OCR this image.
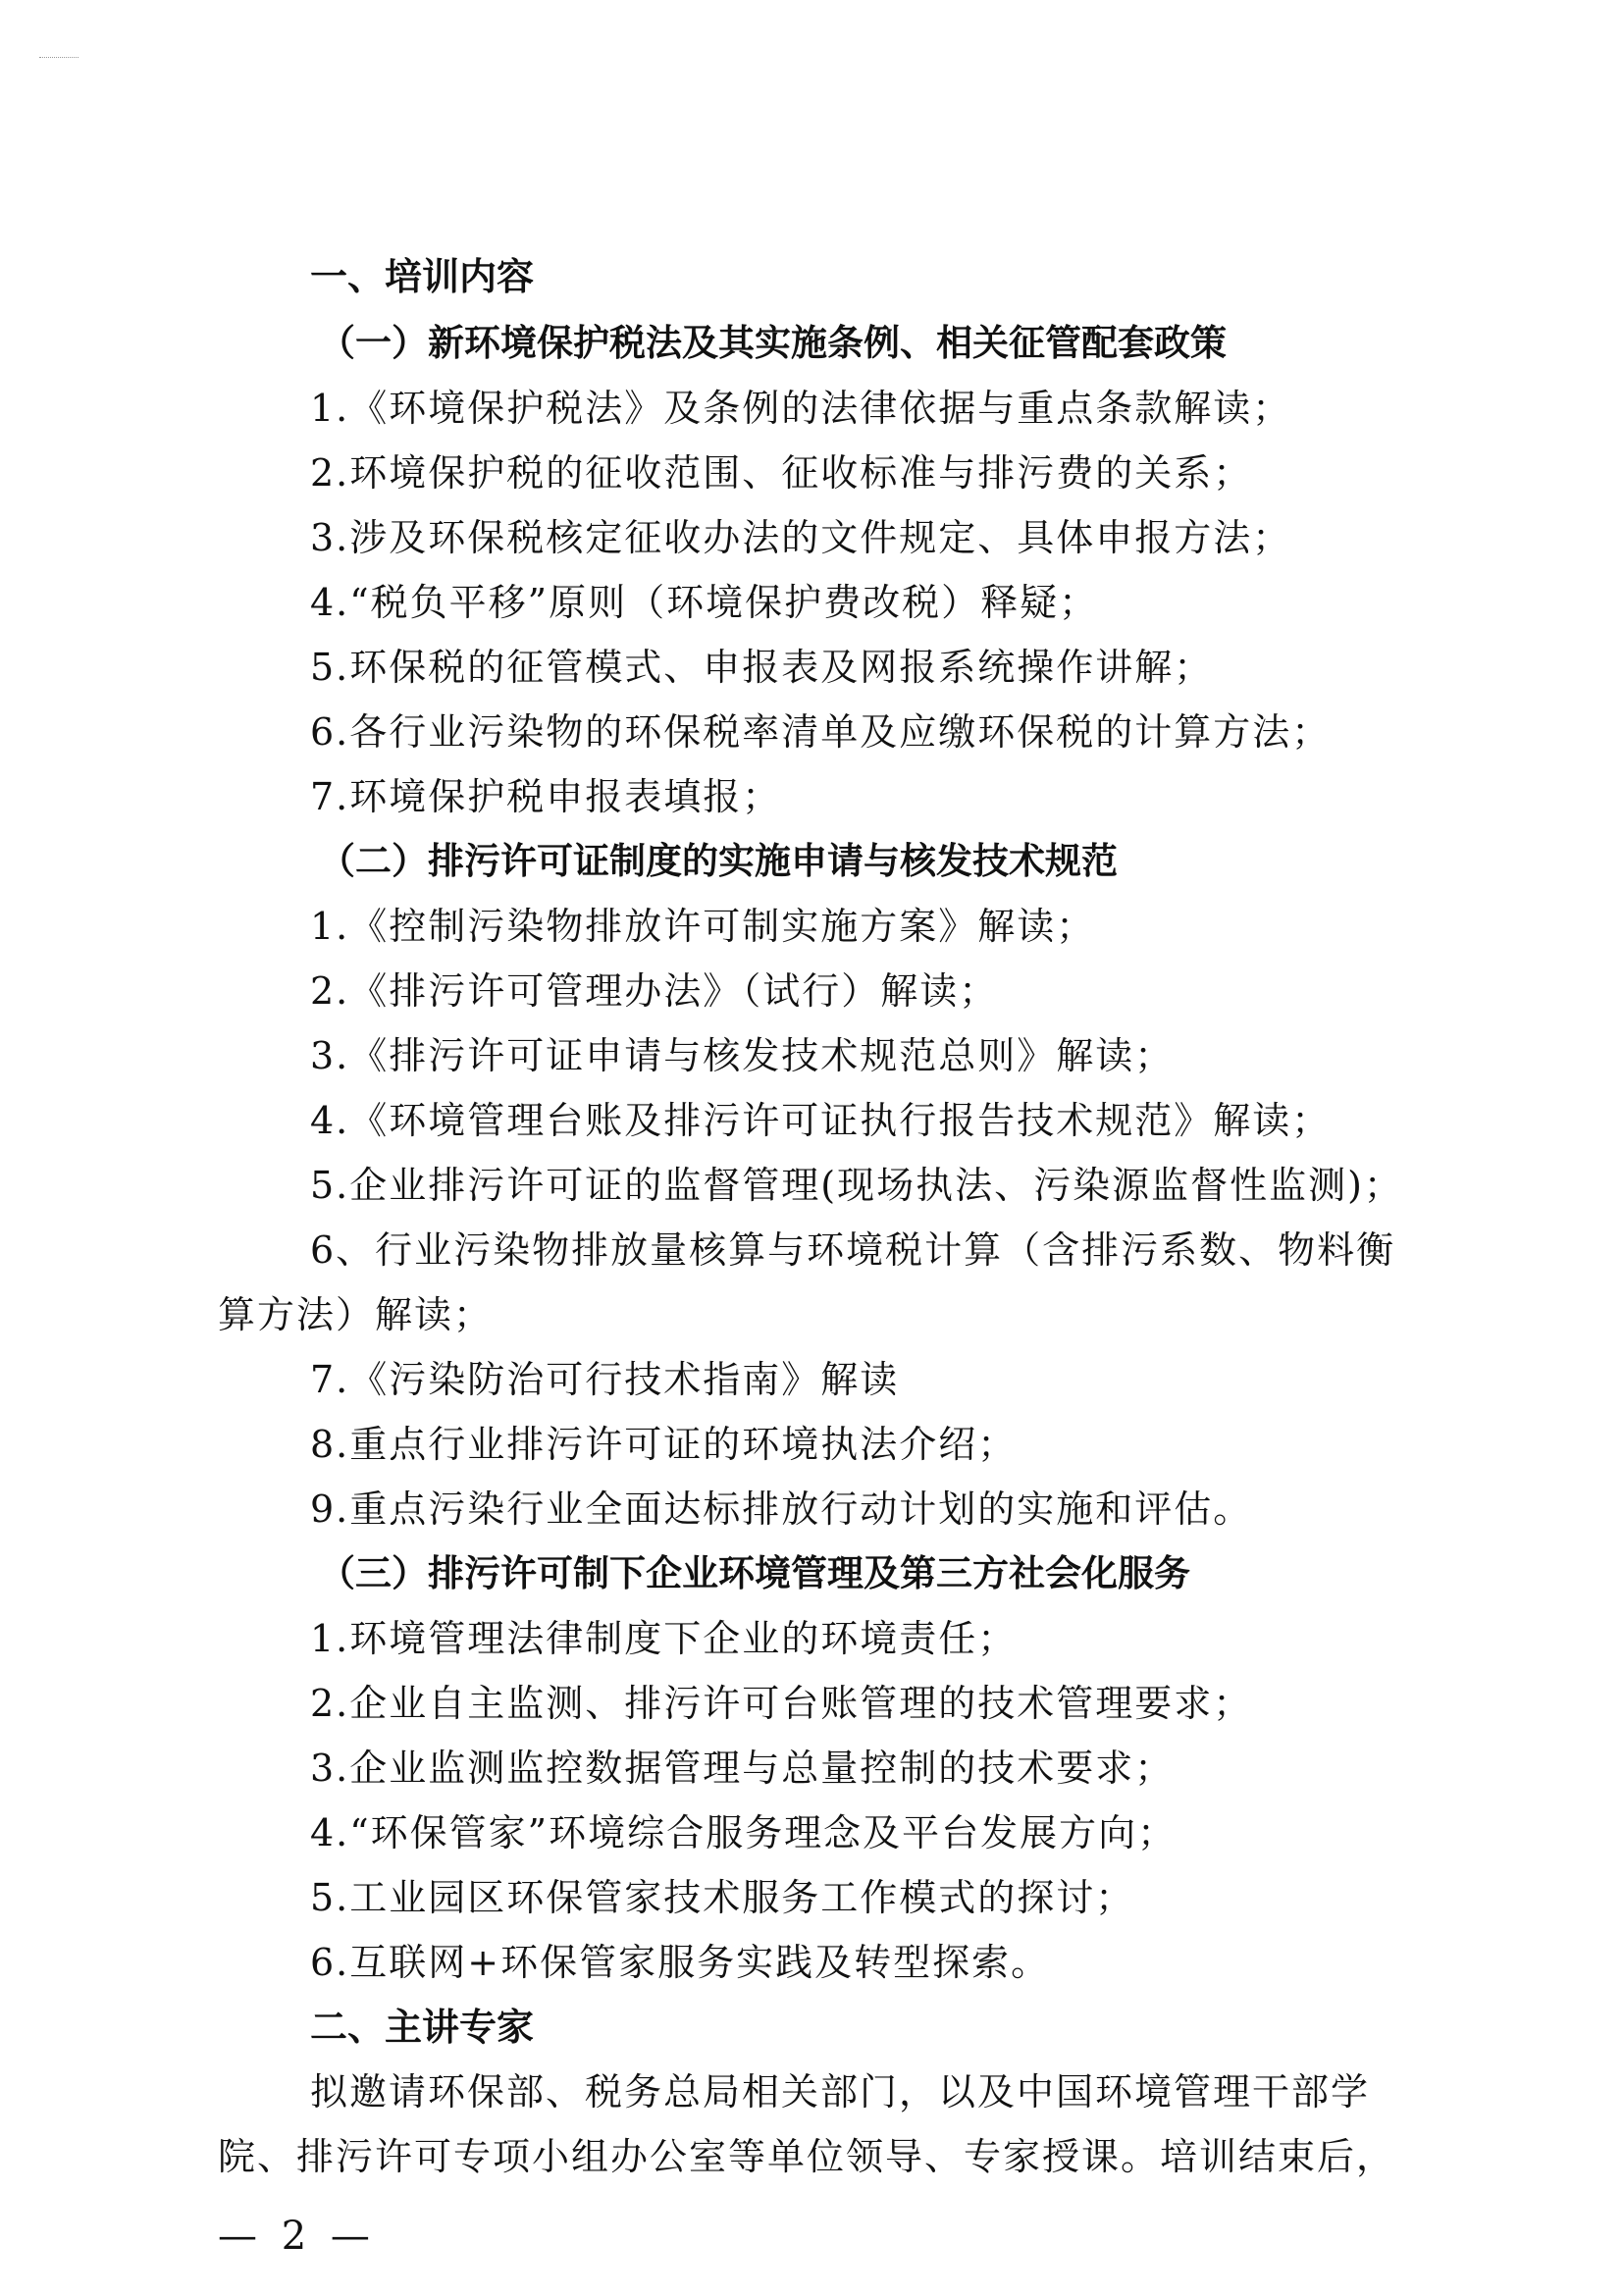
一、培训内容
（一）新环境保护税法及其实施条例、相关征管配套政策
1.《环境保护税法》及条例的法律依据与重点条款解读；
2.环境保护税的征收范围、征收标准与排污费的关系；
3.涉及环保税核定征收办法的文件规定、具体申报方法；
4.“税负平移”原则（环境保护费改税）释疑；
5.环保税的征管模式、申报表及网报系统操作讲解；
6.各行业污染物的环保税率清单及应缴环保税的计算方法；
7.环境保护税申报表填报；
（二）排污许可证制度的实施申请与核发技术规范
1.《控制污染物排放许可制实施方案》解读；
2.《排污许可管理办法》（试行）解读；
3.《排污许可证申请与核发技术规范总则》解读；
4.《环境管理台账及排污许可证执行报告技术规范》解读；
5.企业排污许可证的监督管理(现场执法、污染源监督性监测)；
6、行业污染物排放量核算与环境税计算（含排污系数、物料衡
算方法）解读；
7.《污染防治可行技术指南》解读
8.重点行业排污许可证的环境执法介绍；
9.重点污染行业全面达标排放行动计划的实施和评估。
（三）排污许可制下企业环境管理及第三方社会化服务
1.环境管理法律制度下企业的环境责任；
2.企业自主监测、排污许可台账管理的技术管理要求；
3.企业监测监控数据管理与总量控制的技术要求；
4.“环保管家”环境综合服务理念及平台发展方向；
5.工业园区环保管家技术服务工作模式的探讨；
6.互联网+环保管家服务实践及转型探索。
二、主讲专家
拟邀请环保部、税务总局相关部门，以及中国环境管理干部学
院、排污许可专项小组办公室等单位领导、专家授课。培训结束后，
— 2 —
